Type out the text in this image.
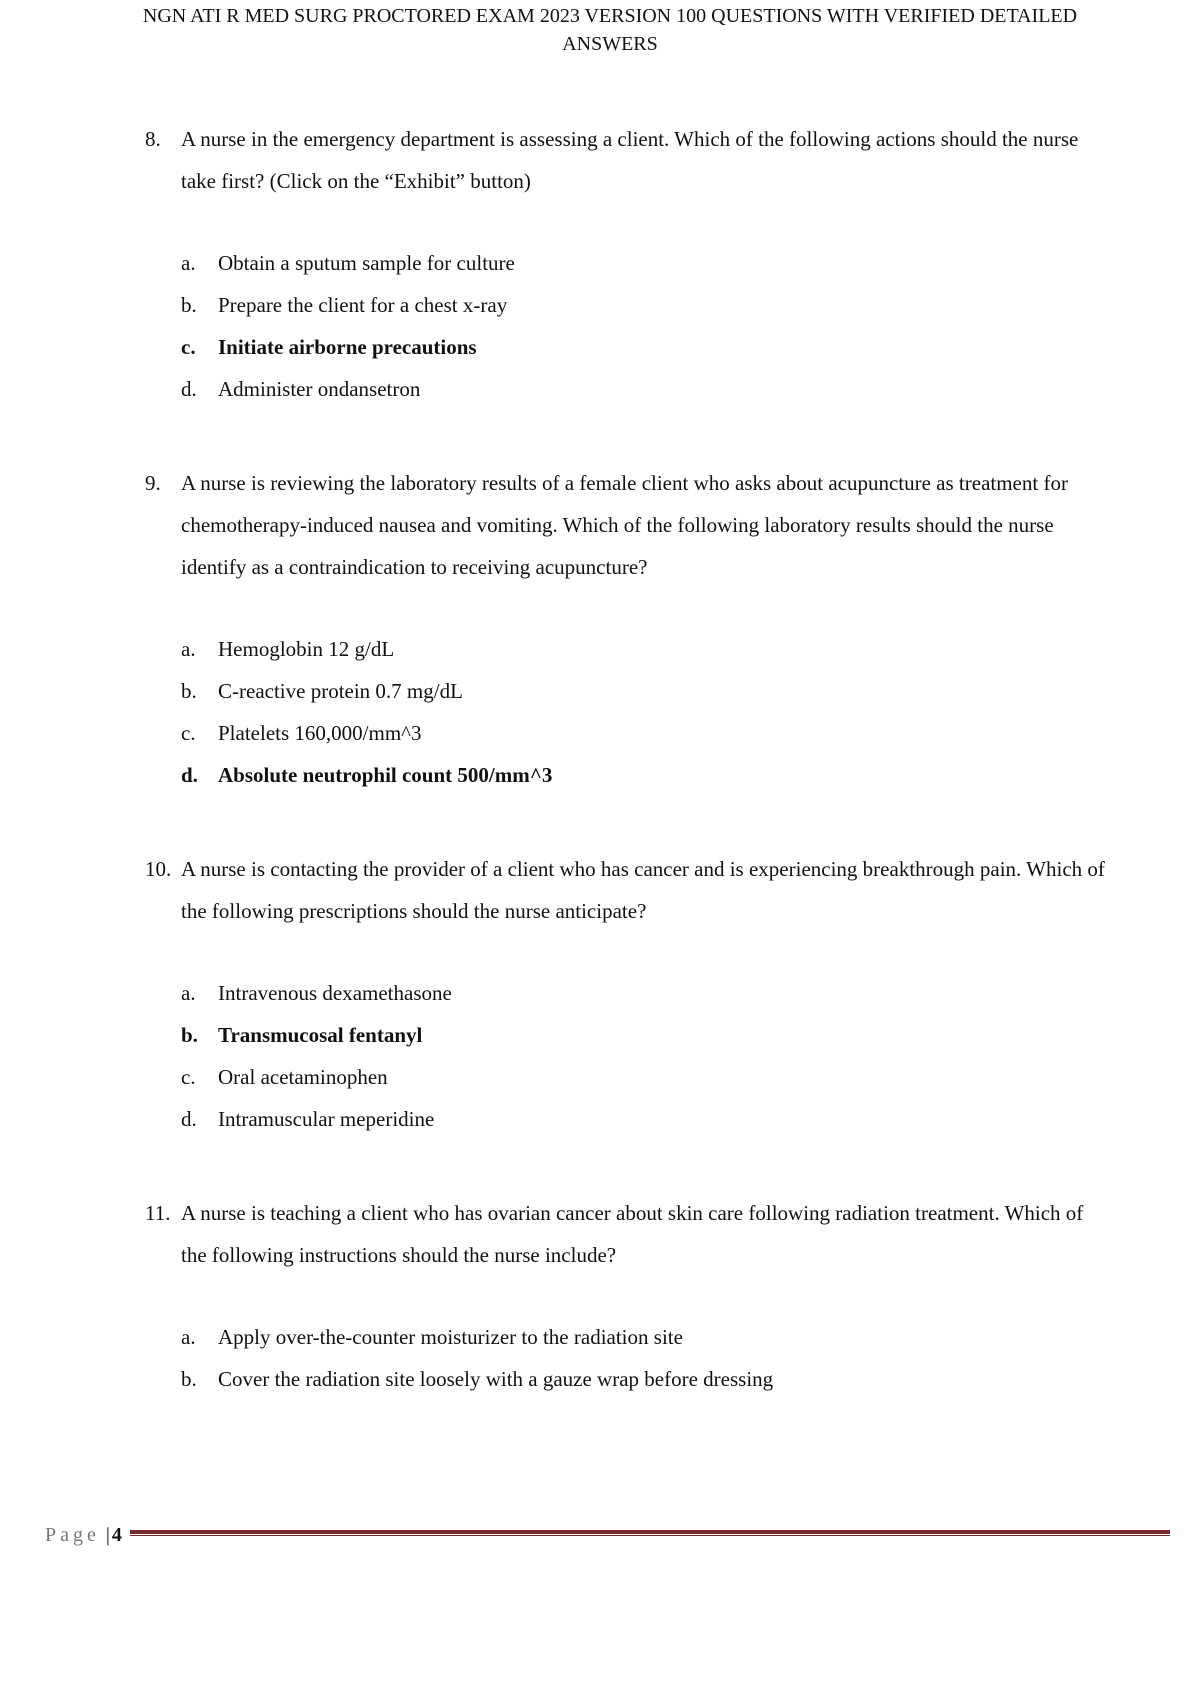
NGN ATI R MED SURG PROCTORED EXAM 2023 VERSION 100 QUESTIONS WITH VERIFIED DETAILED
ANSWERS
8. A nurse in the emergency department is assessing a client. Which of the following actions should the nurse take first? (Click on the “Exhibit” button)
a.	Obtain a sputum sample for culture
b.	Prepare the client for a chest x-ray
c.	Initiate airborne precautions
d.	Administer ondansetron
9. A nurse is reviewing the laboratory results of a female client who asks about acupuncture as treatment for chemotherapy-induced nausea and vomiting. Which of the following laboratory results should the nurse identify as a contraindication to receiving acupuncture?
a.	Hemoglobin 12 g/dL
b.	C-reactive protein 0.7 mg/dL
c.	Platelets 160,000/mm^3
d. Absolute neutrophil count 500/mm^3
10. A nurse is contacting the provider of a client who has cancer and is experiencing breakthrough pain. Which of the following prescriptions should the nurse anticipate?
a.	Intravenous dexamethasone
b. Transmucosal fentanyl
c.	Oral acetaminophen
d.	Intramuscular meperidine
11. A nurse is teaching a client who has ovarian cancer about skin care following radiation treatment. Which of the following instructions should the nurse include?
a.	Apply over-the-counter moisturizer to the radiation site
b.	Cover the radiation site loosely with a gauze wrap before dressing
Page | 4
